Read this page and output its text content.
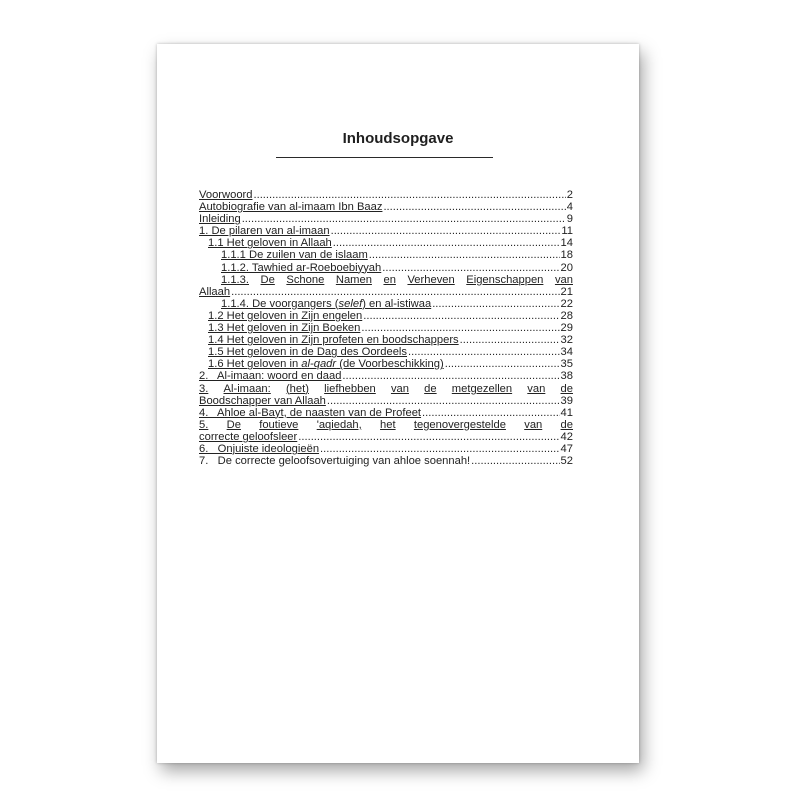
Inhoudsopgave
Voorwoord .....	2
Autobiografie van al-imaam Ibn Baaz .....	4
Inleiding .....	9
1. De pilaren van al-imaan .....	11
1.1 Het geloven in Allaah .....	14
1.1.1 De zuilen van de islaam .....	18
1.1.2. Tawhied ar-Roeboebiyyah .....	20
1.1.3. De Schone Namen en Verheven Eigenschappen van
Allaah .....	21
1.1.4. De voorgangers (selef) en al-istiwaa .....	22
1.2 Het geloven in Zijn engelen .....	28
1.3 Het geloven in Zijn Boeken .....	29
1.4 Het geloven in Zijn profeten en boodschappers .....	32
1.5 Het geloven in de Dag des Oordeels .....	34
1.6 Het geloven in al-qadr (de Voorbeschikking) .....	35
2.   Al-imaan: woord en daad .....	38
3. Al-imaan: (het) liefhebben van de metgezellen van de
Boodschapper van Allaah .....	39
4.   Ahloe al-Bayt, de naasten van de Profeet .....	41
5. De foutieve 'aqiedah, het tegenovergestelde van de
correcte geloofsleer .....	42
6.   Onjuiste ideologieën .....	47
7.   De correcte geloofsovertuiging van ahloe soennah! .....	52
